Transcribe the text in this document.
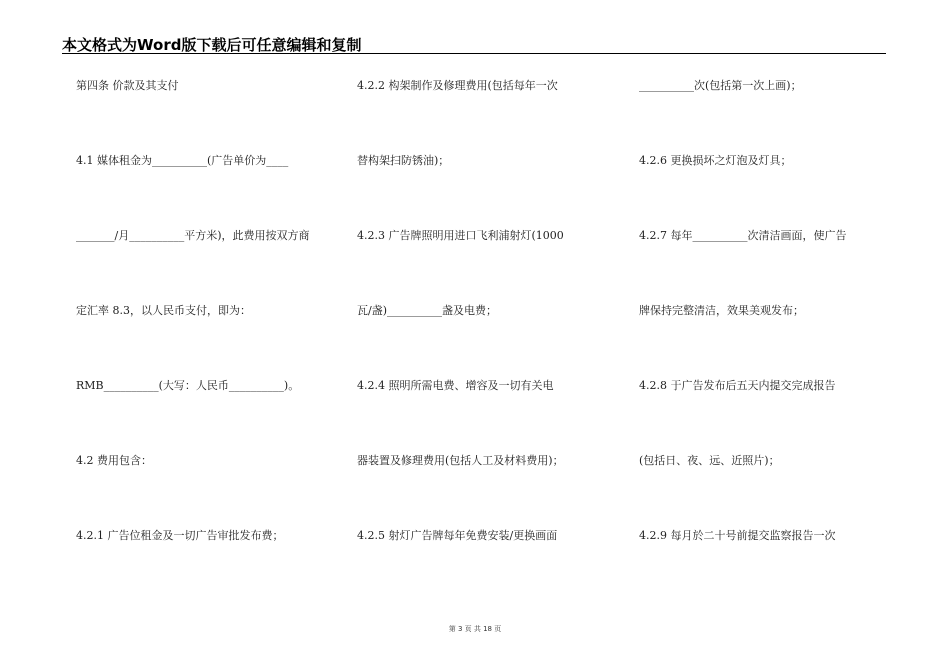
本文格式为Word版下载后可任意编辑和复制
第四条 价款及其支付
4.1 媒体租金为__________(广告单价为____
_______/月__________平方米)，此费用按双方商
定汇率 8.3，以人民币支付，即为：
RMB__________(大写：人民币__________)。
4.2 费用包含：
4.2.1 广告位租金及一切广告审批发布费；
4.2.2 构架制作及修理费用(包括每年一次
替构架扫防锈油)；
4.2.3 广告牌照明用进口飞利浦射灯(1000
瓦/盏)__________盏及电费；
4.2.4 照明所需电费、增容及一切有关电
器装置及修理费用(包括人工及材料费用)；
4.2.5 射灯广告牌每年免费安装/更换画面
__________次(包括第一次上画)；
4.2.6 更换损坏之灯泡及灯具；
4.2.7 每年__________次清洁画面，使广告
牌保持完整清洁，效果美观发布；
4.2.8 于广告发布后五天内提交完成报告
(包括日、夜、远、近照片)；
4.2.9 每月於二十号前提交监察报告一次
第 3 页 共 18 页
